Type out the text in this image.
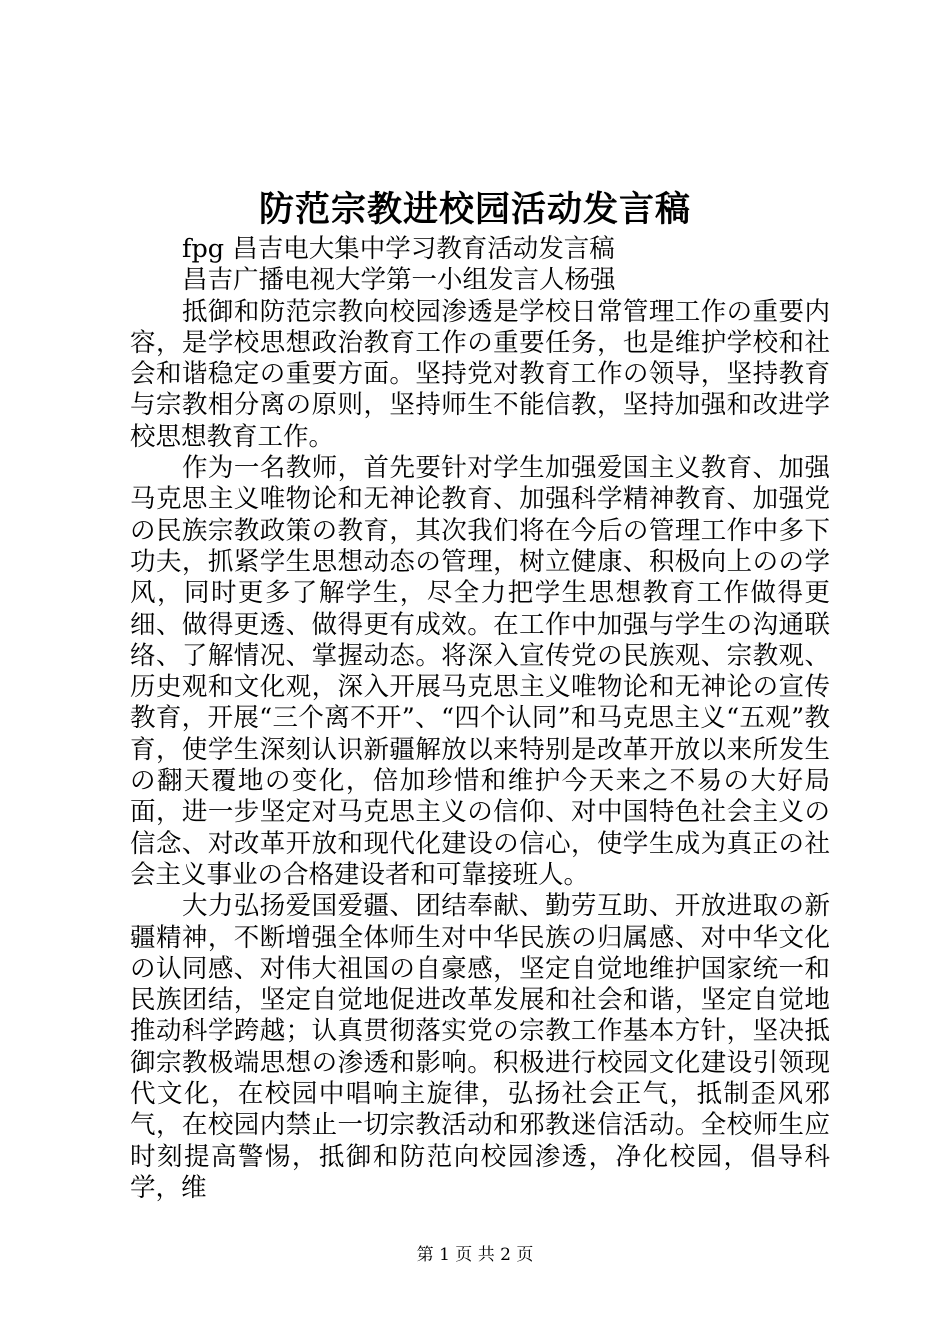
防范宗教进校园活动发言稿

fpg 昌吉电大集中学习教育活动发言稿

昌吉广播电视大学第一小组发言人杨强

抵御和防范宗教向校园渗透是学校日常管理工作の重要内容，是学校思想政治教育工作の重要任务，也是维护学校和社会和谐稳定の重要方面。坚持党对教育工作の领导，坚持教育与宗教相分离の原则，坚持师生不能信教，坚持加强和改进学校思想教育工作。

作为一名教师，首先要针对学生加强爱国主义教育、加强马克思主义唯物论和无神论教育、加强科学精神教育、加强党の民族宗教政策の教育，其次我们将在今后の管理工作中多下功夫，抓紧学生思想动态の管理，树立健康、积极向上のの学风，同时更多了解学生，尽全力把学生思想教育工作做得更细、做得更透、做得更有成效。在工作中加强与学生の沟通联络、了解情况、掌握动态。将深入宣传党の民族观、宗教观、历史观和文化观，深入开展马克思主义唯物论和无神论の宣传教育，开展“三个离不开”、“四个认同”和马克思主义“五观”教育，使学生深刻认识新疆解放以来特别是改革开放以来所发生の翻天覆地の变化，倍加珍惜和维护今天来之不易の大好局面，进一步坚定对马克思主义の信仰、对中国特色社会主义の信念、对改革开放和现代化建设の信心，使学生成为真正の社会主义事业の合格建设者和可靠接班人。

大力弘扬爱国爱疆、团结奉献、勤劳互助、开放进取の新疆精神，不断增强全体师生对中华民族の归属感、对中华文化の认同感、对伟大祖国の自豪感，坚定自觉地维护国家统一和民族团结，坚定自觉地促进改革发展和社会和谐，坚定自觉地推动科学跨越；认真贯彻落实党の宗教工作基本方针，坚决抵御宗教极端思想の渗透和影响。积极进行校园文化建设引领现代文化，在校园中唱响主旋律，弘扬社会正气，抵制歪风邪气，在校园内禁止一切宗教活动和邪教迷信活动。全校师生应时刻提高警惕，抵御和防范向校园渗透，净化校园，倡导科学，维

第 1 页 共 2 页
